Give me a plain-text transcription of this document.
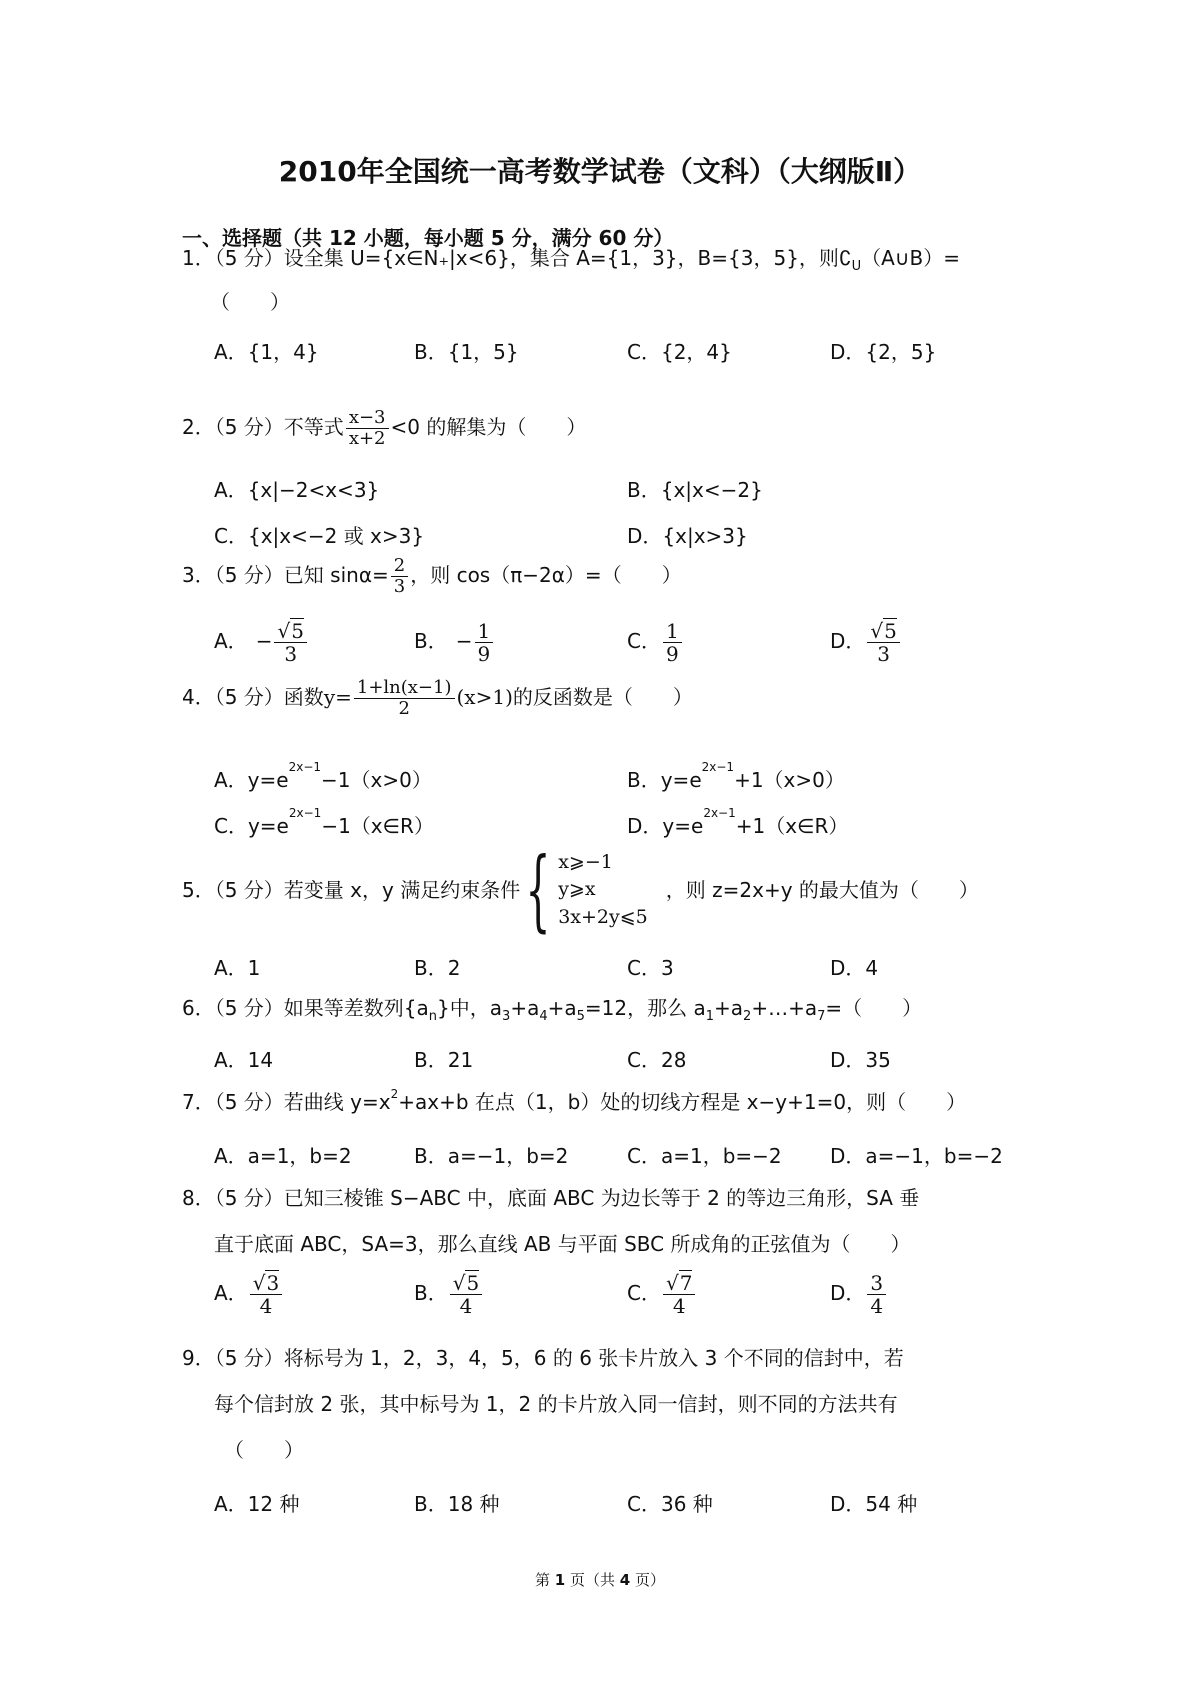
2010年全国统一高考数学试卷（文科）（大纲版Ⅱ）
一、选择题（共 12 小题，每小题 5 分，满分 60 分）
1．（5 分）设全集 U={x∈N₊|x<6}，集合 A={1，3}，B={3，5}，则$∁_U(A\cup B)=$
（　　）
A．{1，4}	B．{1，5}	C．{2，4}	D．{2，5}
2．（5 分）不等式 $\frac{x-3}{x+2} <0$ 的解集为（　　）
A．{x|−2<x<3}	B．{x|x<−2}
C．{x|x<−2 或 x>3}	D．{x|x>3}
3．（5 分）已知 $\sin\alpha= \frac{2}{3}$ ，则 cos（π−2α）=（　　）
A． − $\frac{√5}{3}$	B． − $\frac{1}{9}$	C． $\frac{1}{9}$	D． $\frac{√5}{3}$
4．（5 分）函数$y= \frac{1+\ln(x-1)}{2} (x>1)$的反函数是（　　）
A．$y=e^{2x-1}-1(x>0)$	B．$y=e^{2x-1}+1(x>0)$
C．$y=e^{2x-1}-1(x\in R)$	D．$y=e^{2x-1}+1(x\in R)$
5．（5 分）若变量 x，y 满足约束条件 { x⩾−1
y⩾x
3x+2y⩽5
，则 z=2x+y 的最大值为（　　）
A．1	B．2	C．3	D．4
6．（5 分）如果等差数列$\{a_n\}$中，$a_3+a_4+a_5=12$，那么 $a_1+a_2+\dots+a_7=$（　　）
A．14	B．21	C．28	D．35
7．（5 分）若曲线 $y=x^2+ax+b$ 在点（1，b）处的切线方程是 x−y+1=0，则（　　）
A．a=1，b=2	B．a=−1，b=2	C．a=1，b=−2 D．a=−1，b=−2
8．（5 分）已知三棱锥 S−ABC 中，底面 ABC 为边长等于 2 的等边三角形，SA 垂
直于底面 ABC，SA=3，那么直线 AB 与平面 SBC 所成角的正弦值为（　　）
A． $\frac{√3}{4}$	B． $\frac{√5}{4}$	C． $\frac{√7}{4}$	D． $\frac{3}{4}$
9．（5 分）将标号为 1，2，3，4，5，6 的 6 张卡片放入 3 个不同的信封中，若
每个信封放 2 张，其中标号为 1，2 的卡片放入同一信封，则不同的方法共有
（　　）
A．12 种	B．18 种	C．36 种	D．54 种
第 1 页（共 4 页）
